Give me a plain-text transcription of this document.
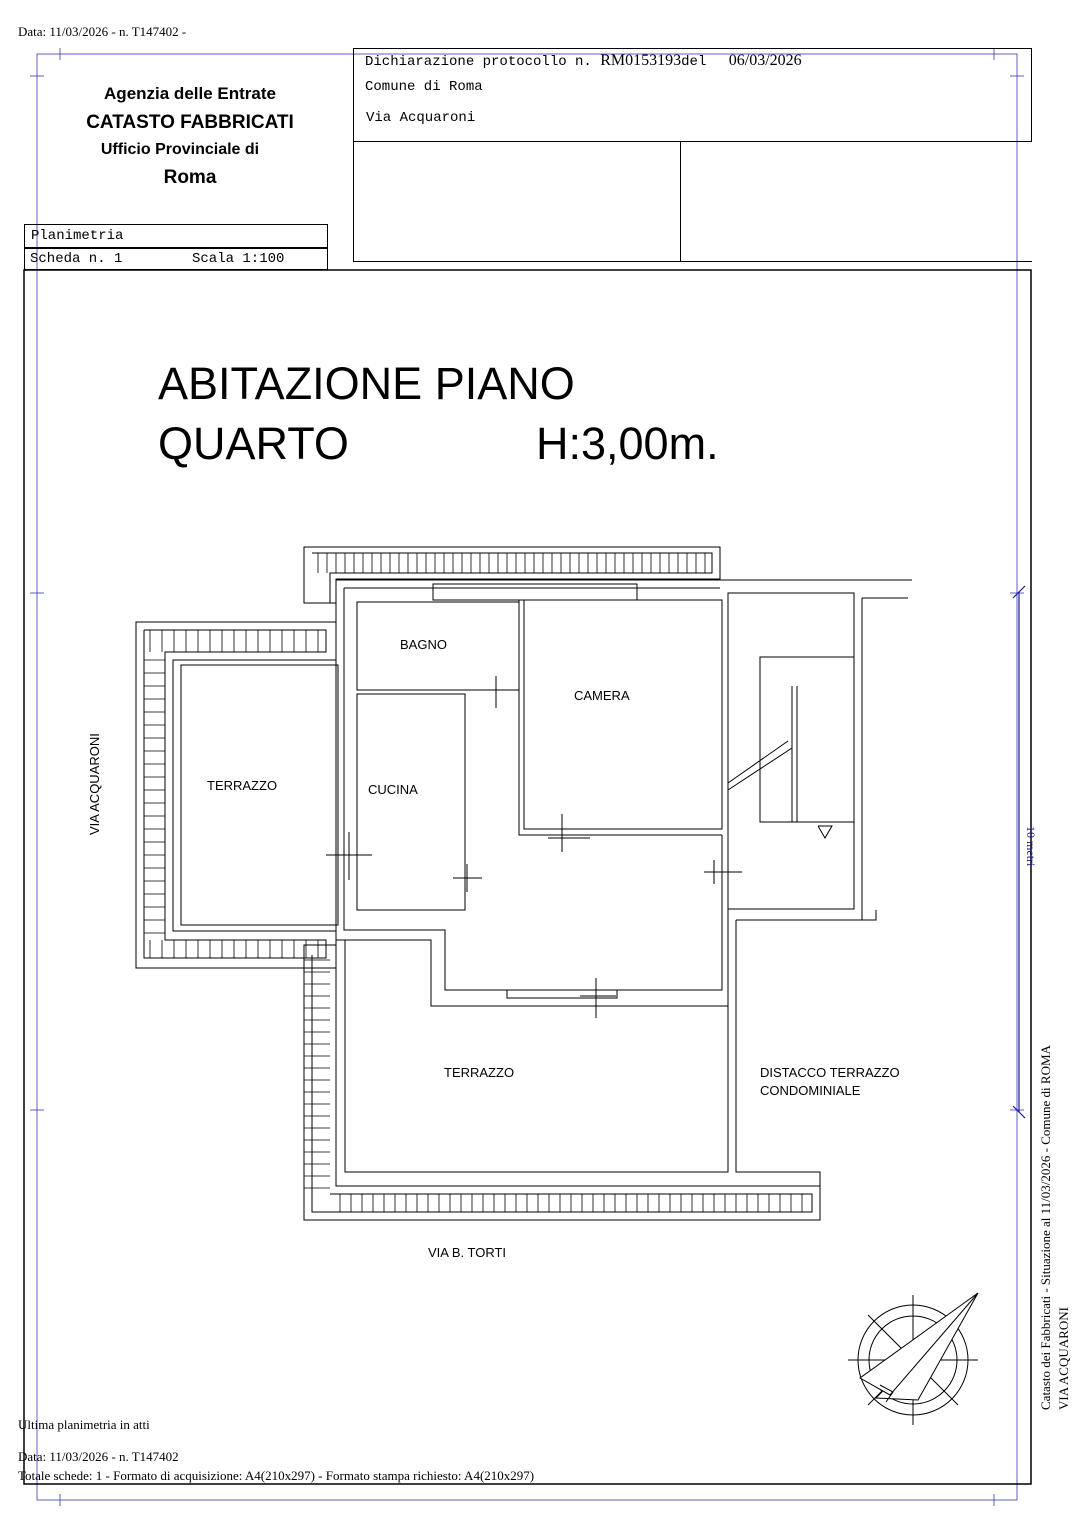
Data: 11/03/2026 - n. T147402 -
Agenzia delle Entrate
CATASTO FABBRICATI
Ufficio Provinciale di
Roma
Dichiarazione protocollo n. RM0153193del 06/03/2026
Comune di Roma
Via Acquaroni
Planimetria
Scheda n. 1	Scala 1:100
ABITAZIONE PIANO
QUARTO	H:3,00m.
BAGNO
CAMERA
TERRAZZO	CUCINA
TERRAZZO	DISTACCO TERRAZZO
CONDOMINIALE
VIA ACQUARONI
VIA B. TORTI
10 metri
Catasto dei Fabbricati - Situazione al 11/03/2026 - Comune di ROMA VIA ACQUARONI
Ultima planimetria in atti
Data: 11/03/2026 - n. T147402
Totale schede: 1 - Formato di acquisizione: A4(210x297) - Formato stampa richiesto: A4(210x297)
